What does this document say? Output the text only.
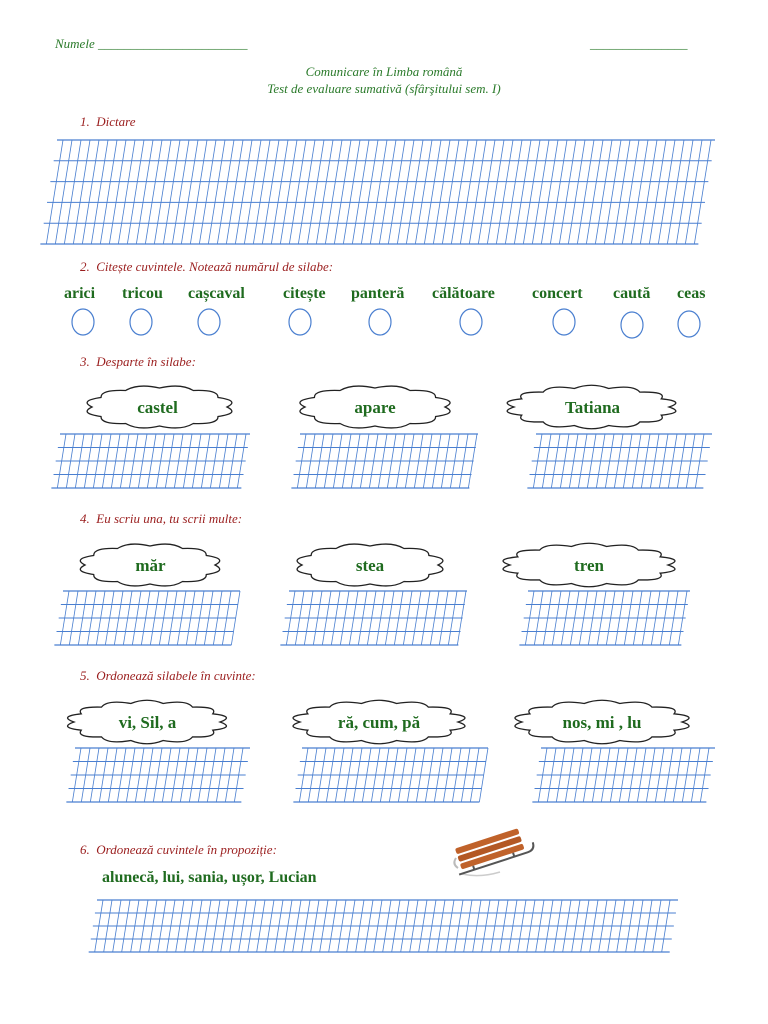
Numele _______________________	_______________
Comunicare în Limba română
Test de evaluare sumativă (sfârşitului sem. I)
1. Dictare
2. Citește cuvintele. Notează numărul de silabe:
3. Desparte în silabe:
4. Eu scriu una, tu scrii multe:
5. Ordonează silabele în cuvinte:
6. Ordonează cuvintele în propoziție:
arici tricou cașcaval citește panteră călătoare concert caută ceas
castel	apare	Tatiana
măr	stea	tren
vi, Sil, a	ră, cum, pă	nos, mi , lu
alunecă, lui, sania, ușor, Lucian
